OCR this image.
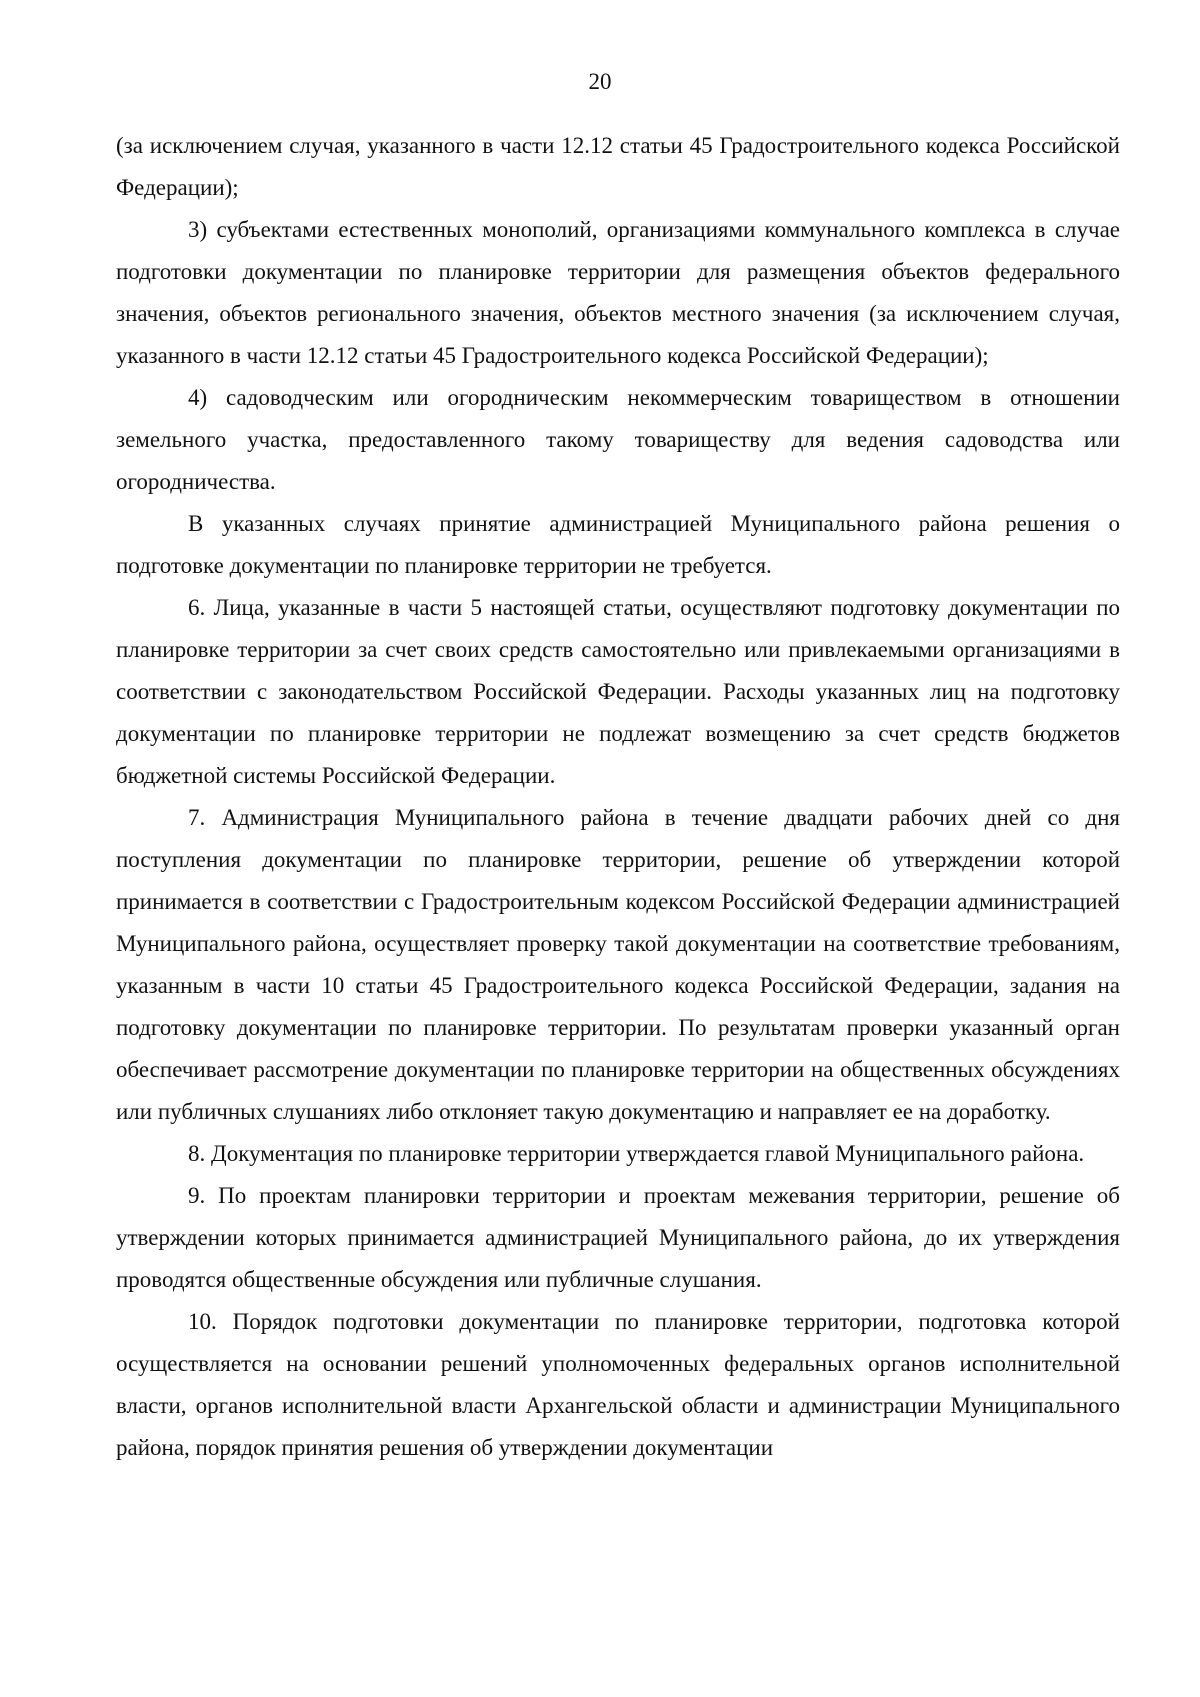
20

(за исключением случая, указанного в части 12.12 статьи 45 Градостроительного кодекса Российской Федерации);

3) субъектами естественных монополий, организациями коммунального комплекса в случае подготовки документации по планировке территории для размещения объектов федерального значения, объектов регионального значения, объектов местного значения (за исключением случая, указанного в части 12.12 статьи 45 Градостроительного кодекса Российской Федерации);

4) садоводческим или огородническим некоммерческим товариществом в отношении земельного участка, предоставленного такому товариществу для ведения садоводства или огородничества.

В указанных случаях принятие администрацией Муниципального района решения о подготовке документации по планировке территории не требуется.

6. Лица, указанные в части 5 настоящей статьи, осуществляют подготовку документации по планировке территории за счет своих средств самостоятельно или привлекаемыми организациями в соответствии с законодательством Российской Федерации. Расходы указанных лиц на подготовку документации по планировке территории не подлежат возмещению за счет средств бюджетов бюджетной системы Российской Федерации.

7. Администрация Муниципального района в течение двадцати рабочих дней со дня поступления документации по планировке территории, решение об утверждении которой принимается в соответствии с Градостроительным кодексом Российской Федерации администрацией Муниципального района, осуществляет проверку такой документации на соответствие требованиям, указанным в части 10 статьи 45 Градостроительного кодекса Российской Федерации, задания на подготовку документации по планировке территории. По результатам проверки указанный орган обеспечивает рассмотрение документации по планировке территории на общественных обсуждениях или публичных слушаниях либо отклоняет такую документацию и направляет ее на доработку.

8. Документация по планировке территории утверждается главой Муниципального района.

9. По проектам планировки территории и проектам межевания территории, решение об утверждении которых принимается администрацией Муниципального района, до их утверждения проводятся общественные обсуждения или публичные слушания.

10. Порядок подготовки документации по планировке территории, подготовка которой осуществляется на основании решений уполномоченных федеральных органов исполнительной власти, органов исполнительной власти Архангельской области и администрации Муниципального района, порядок принятия решения об утверждении документации
